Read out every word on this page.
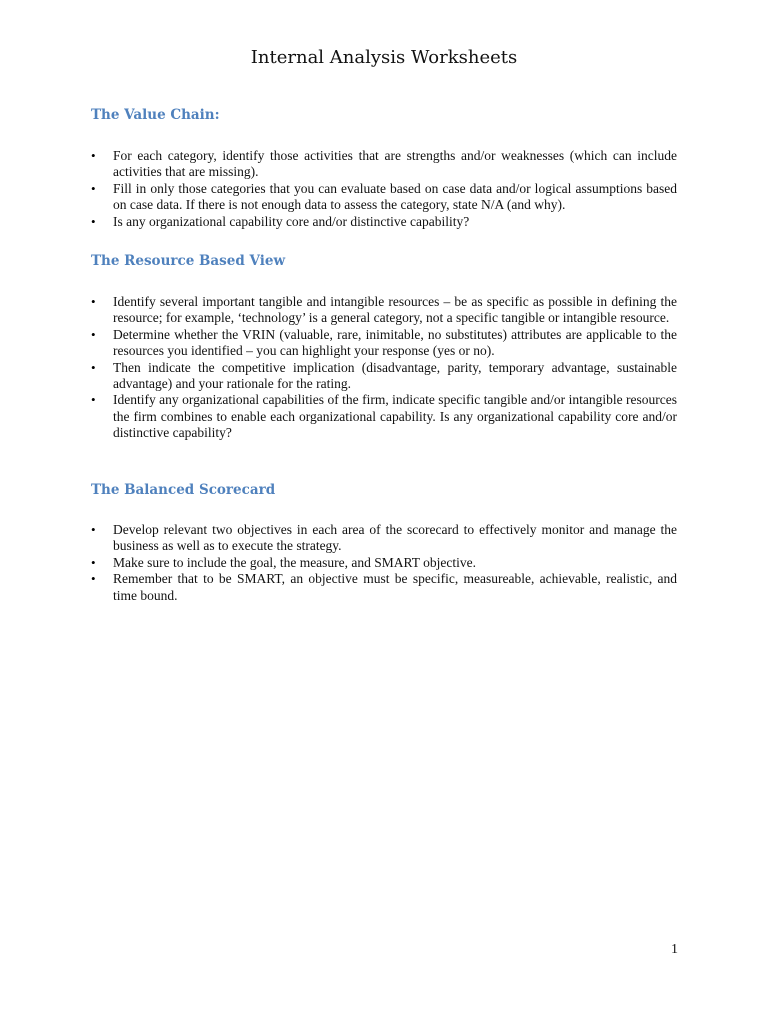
Internal Analysis Worksheets
The Value Chain:
• For each category, identify those activities that are strengths and/or weaknesses (which can include activities that are missing).
• Fill in only those categories that you can evaluate based on case data and/or logical assumptions based on case data. If there is not enough data to assess the category, state N/A (and why).
• Is any organizational capability core and/or distinctive capability?
The Resource Based View
• Identify several important tangible and intangible resources – be as specific as possible in defining the resource; for example, ‘technology’ is a general category, not a specific tangible or intangible resource.
• Determine whether the VRIN (valuable, rare, inimitable, no substitutes) attributes are applicable to the resources you identified – you can highlight your response (yes or no).
• Then indicate the competitive implication (disadvantage, parity, temporary advantage, sustainable advantage) and your rationale for the rating.
• Identify any organizational capabilities of the firm, indicate specific tangible and/or intangible resources the firm combines to enable each organizational capability. Is any organizational capability core and/or distinctive capability?
The Balanced Scorecard
• Develop relevant two objectives in each area of the scorecard to effectively monitor and manage the business as well as to execute the strategy.
• Make sure to include the goal, the measure, and SMART objective.
• Remember that to be SMART, an objective must be specific, measureable, achievable, realistic, and time bound.
1
